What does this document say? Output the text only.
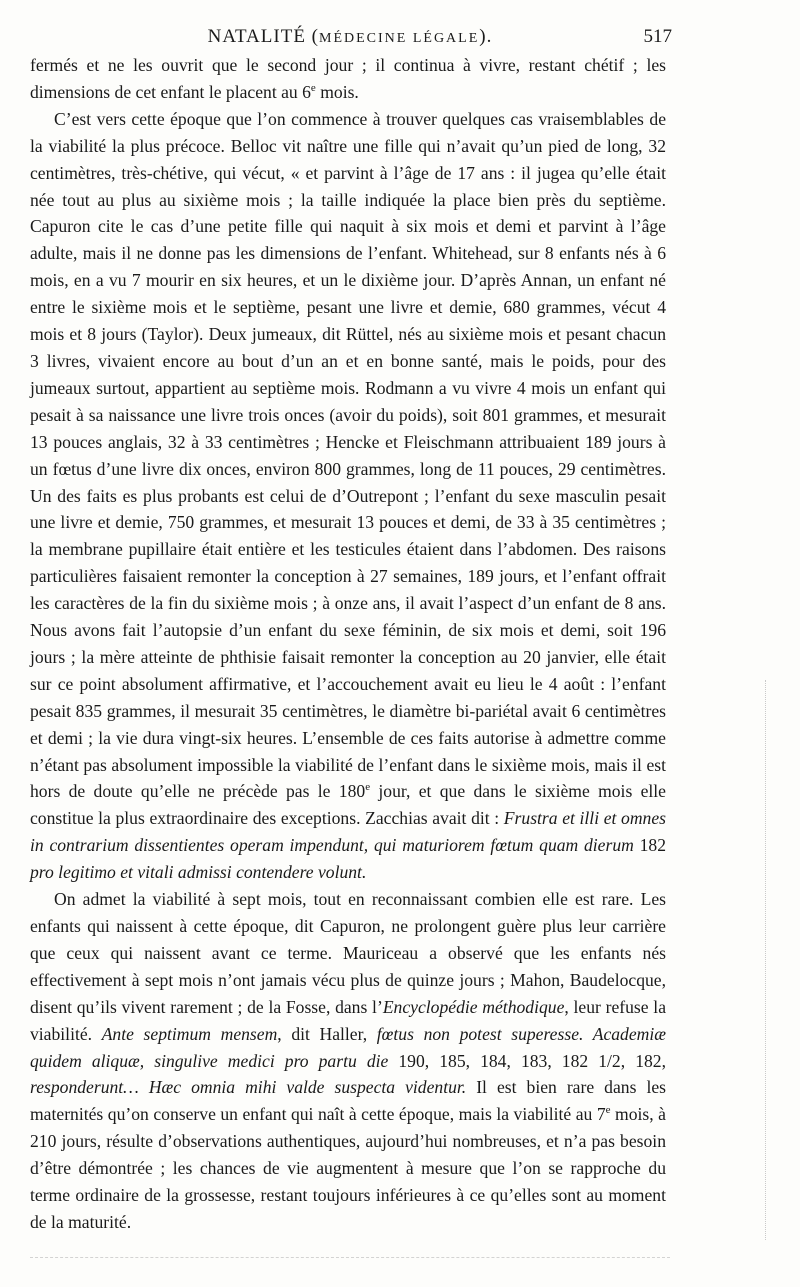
NATALITÉ (MÉDECINE LÉGALE).	517

fermés et ne les ouvrit que le second jour ; il continua à vivre, restant chétif ; les dimensions de cet enfant le placent au 6e mois.

C’est vers cette époque que l’on commence à trouver quelques cas vraisemblables de la viabilité la plus précoce. Belloc vit naître une fille qui n’avait qu’un pied de long, 32 centimètres, très-chétive, qui vécut, « et parvint à l’âge de 17 ans : il jugea qu’elle était née tout au plus au sixième mois ; la taille indiquée la place bien près du septième. Capuron cite le cas d’une petite fille qui naquit à six mois et demi et parvint à l’âge adulte, mais il ne donne pas les dimensions de l’enfant. Whitehead, sur 8 enfants nés à 6 mois, en a vu 7 mourir en six heures, et un le dixième jour. D’après Annan, un enfant né entre le sixième mois et le septième, pesant une livre et demie, 680 grammes, vécut 4 mois et 8 jours (Taylor). Deux jumeaux, dit Rüttel, nés au sixième mois et pesant chacun 3 livres, vivaient encore au bout d’un an et en bonne santé, mais le poids, pour des jumeaux surtout, appartient au septième mois. Rodmann a vu vivre 4 mois un enfant qui pesait à sa naissance une livre trois onces (avoir du poids), soit 801 grammes, et mesurait 13 pouces anglais, 32 à 33 centimètres ; Hencke et Fleischmann attribuaient 189 jours à un fœtus d’une livre dix onces, environ 800 grammes, long de 11 pouces, 29 centimètres. Un des faits es plus probants est celui de d’Outrepont ; l’enfant du sexe masculin pesait une livre et demie, 750 grammes, et mesurait 13 pouces et demi, de 33 à 35 centimètres ; la membrane pupillaire était entière et les testicules étaient dans l’abdomen. Des raisons particulières faisaient remonter la conception à 27 semaines, 189 jours, et l’enfant offrait les caractères de la fin du sixième mois ; à onze ans, il avait l’aspect d’un enfant de 8 ans. Nous avons fait l’autopsie d’un enfant du sexe féminin, de six mois et demi, soit 196 jours ; la mère atteinte de phthisie faisait remonter la conception au 20 janvier, elle était sur ce point absolument affirmative, et l’accouchement avait eu lieu le 4 août : l’enfant pesait 835 grammes, il mesurait 35 centimètres, le diamètre bi-pariétal avait 6 centimètres et demi ; la vie dura vingt-six heures. L’ensemble de ces faits autorise à admettre comme n’étant pas absolument impossible la viabilité de l’enfant dans le sixième mois, mais il est hors de doute qu’elle ne précède pas le 180e jour, et que dans le sixième mois elle constitue la plus extraordinaire des exceptions. Zacchias avait dit : Frustra et illi et omnes in contrarium dissentientes operam impendunt, qui maturiorem fœtum quam dierum 182 pro legitimo et vitali admissi contendere volunt.

On admet la viabilité à sept mois, tout en reconnaissant combien elle est rare. Les enfants qui naissent à cette époque, dit Capuron, ne prolongent guère plus leur carrière que ceux qui naissent avant ce terme. Mauriceau a observé que les enfants nés effectivement à sept mois n’ont jamais vécu plus de quinze jours ; Mahon, Baudelocque, disent qu’ils vivent rarement ; de la Fosse, dans l’Encyclopédie méthodique, leur refuse la viabilité. Ante septimum mensem, dit Haller, fœtus non potest superesse. Academiæ quidem aliquæ, singulive medici pro partu die 190, 185, 184, 183, 182 1/2, 182, responderunt… Hæc omnia mihi valde suspecta videntur. Il est bien rare dans les maternités qu’on conserve un enfant qui naît à cette époque, mais la viabilité au 7e mois, à 210 jours, résulte d’observations authentiques, aujourd’hui nombreuses, et n’a pas besoin d’être démontrée ; les chances de vie augmentent à mesure que l’on se rapproche du terme ordinaire de la grossesse, restant toujours inférieures à ce qu’elles sont au moment de la maturité.
